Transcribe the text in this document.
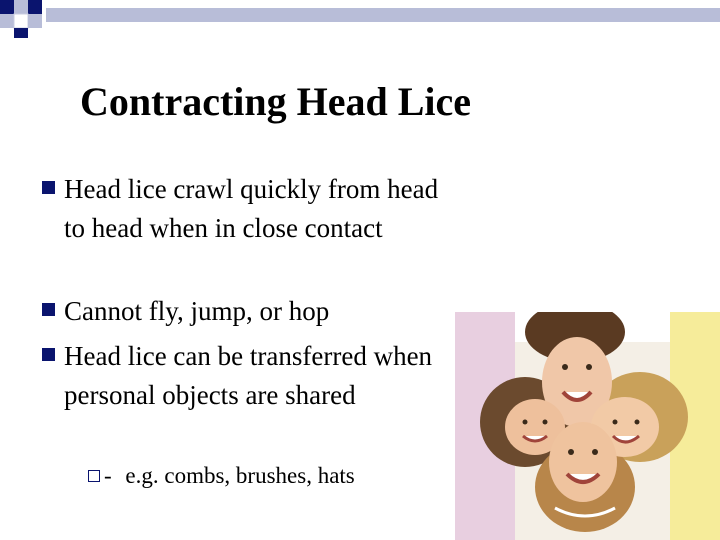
Contracting Head Lice
Head lice crawl quickly from head to head when in close contact
Cannot fly, jump, or hop
Head lice can be transferred when personal objects are shared
- e.g. combs, brushes, hats
